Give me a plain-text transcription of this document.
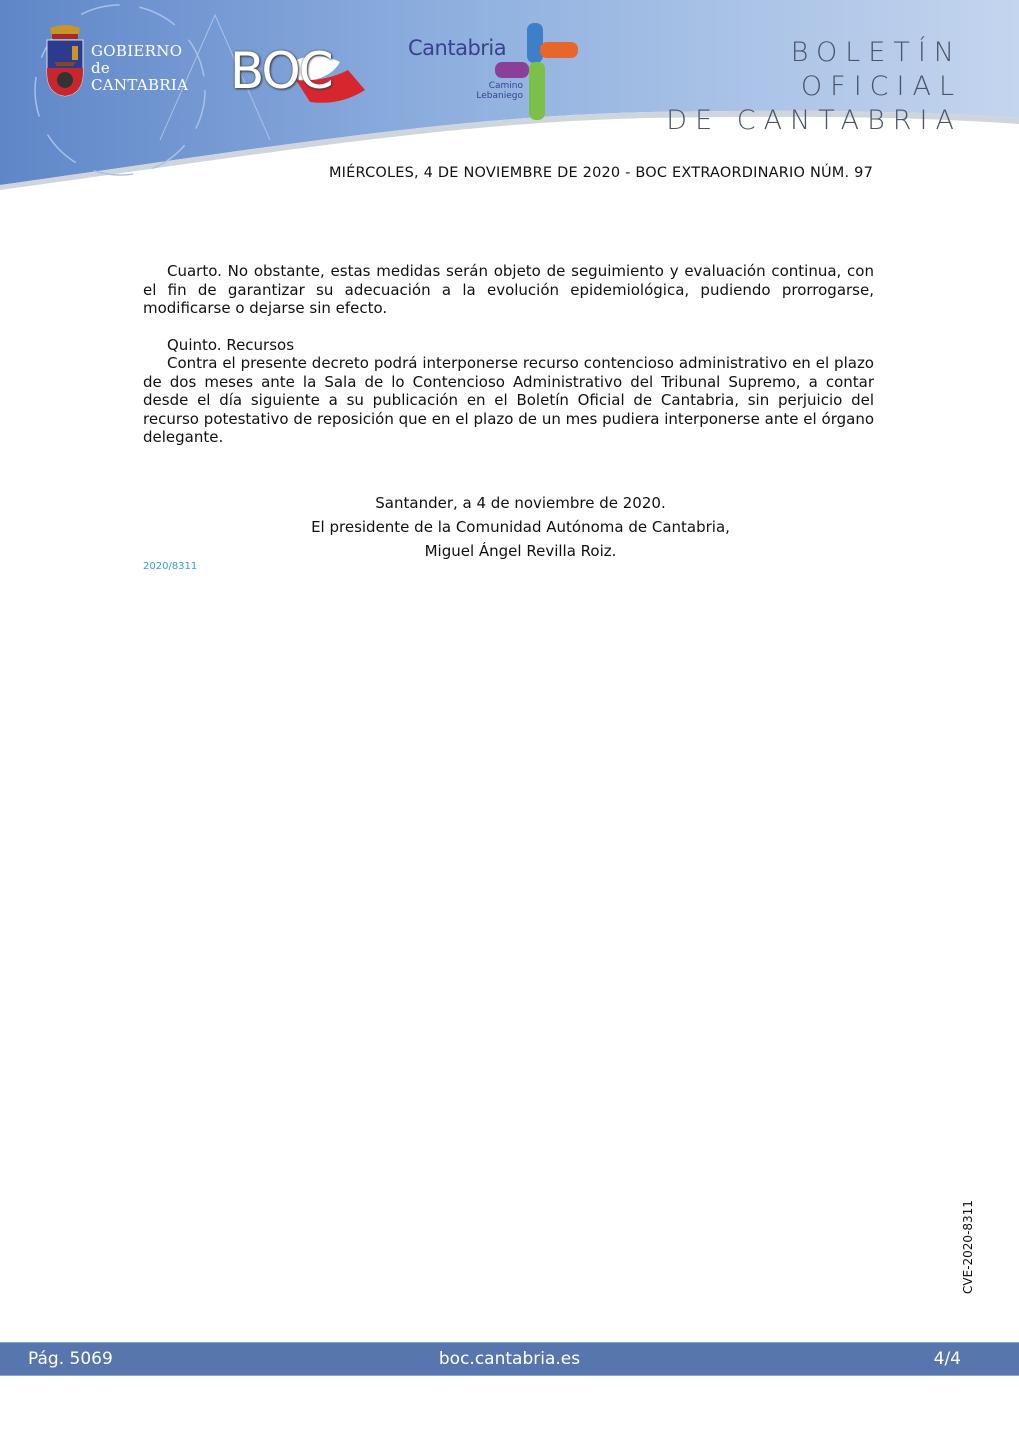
GOBIERNO
de
CANTABRIA BOC	Cantabria
Camino
Lebaniego
BOLETÍN OFICIAL
DE CANTABRIA
MIÉRCOLES, 4 DE NOVIEMBRE DE 2020 - BOC EXTRAORDINARIO NÚM. 97

Cuarto. No obstante, estas medidas serán objeto de seguimiento y evaluación continua, con el fin de garantizar su adecuación a la evolución epidemiológica, pudiendo prorrogarse, modificarse o dejarse sin efecto.

Quinto. Recursos

Contra el presente decreto podrá interponerse recurso contencioso administrativo en el plazo de dos meses ante la Sala de lo Contencioso Administrativo del Tribunal Supremo, a contar desde el día siguiente a su publicación en el Boletín Oficial de Cantabria, sin perjuicio del recurso potestativo de reposición que en el plazo de un mes pudiera interponerse ante el órgano delegante.

Santander, a 4 de noviembre de 2020.
El presidente de la Comunidad Autónoma de Cantabria,
Miguel Ángel Revilla Roiz.
2020/8311
CVE-2020-8311
Pág. 5069	boc.cantabria.es	4/4
